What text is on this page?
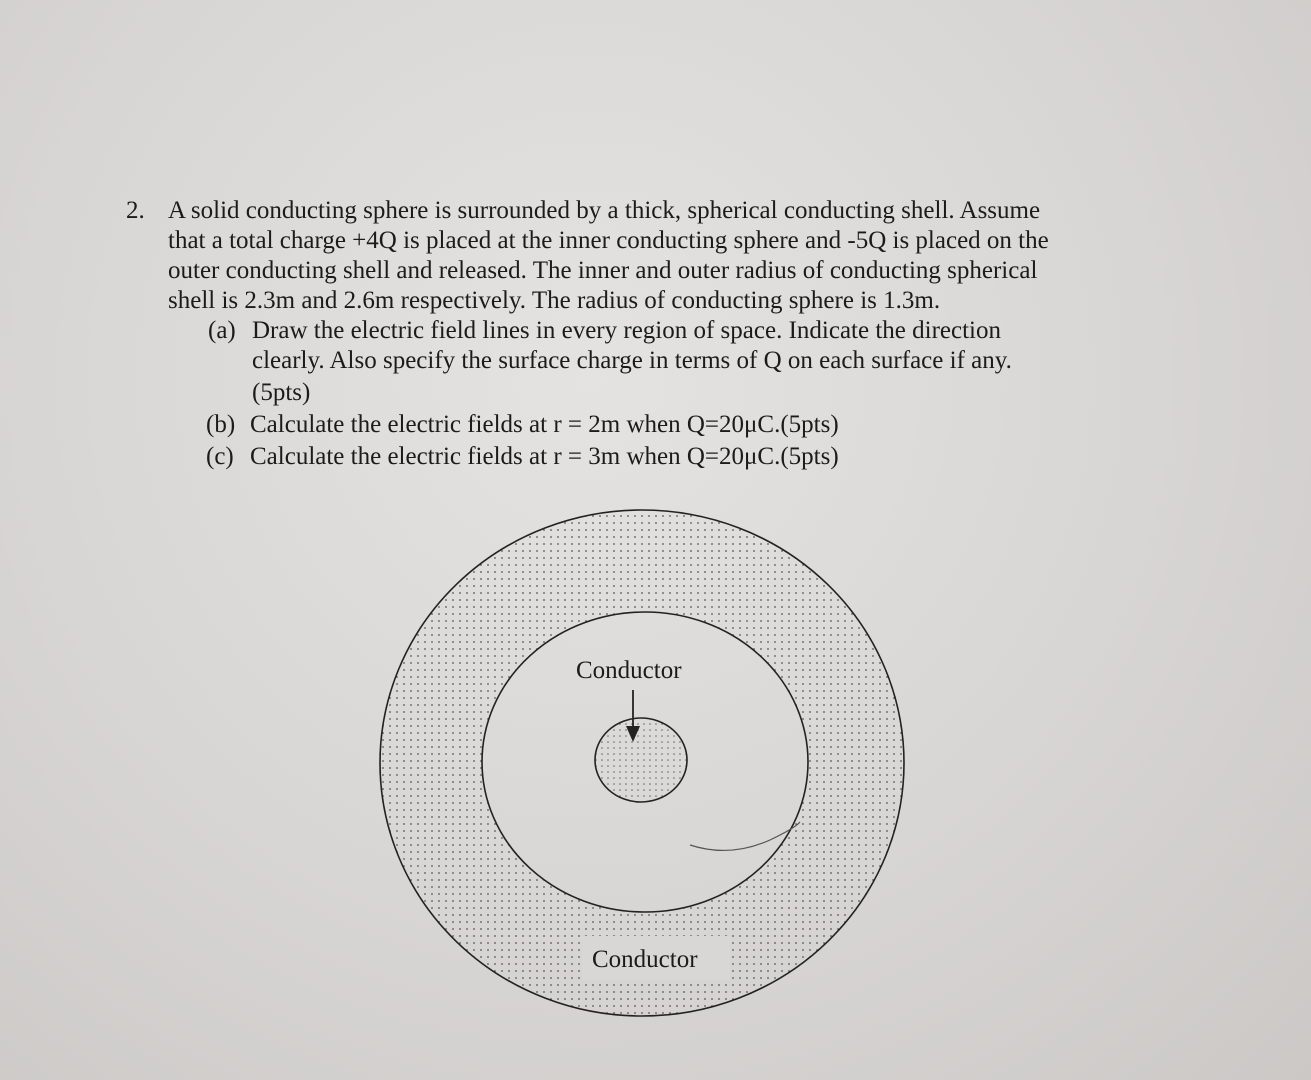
2. A solid conducting sphere is surrounded by a thick, spherical conducting shell. Assume
that a total charge +4Q is placed at the inner conducting sphere and -5Q is placed on the
outer conducting shell and released. The inner and outer radius of conducting spherical
shell is 2.3m and 2.6m respectively. The radius of conducting sphere is 1.3m.
(a) Draw the electric field lines in every region of space. Indicate the direction
clearly. Also specify the surface charge in terms of Q on each surface if any.
(5pts)
(b) Calculate the electric fields at r = 2m when Q=20μC.(5pts)
(c) Calculate the electric fields at r = 3m when Q=20μC.(5pts)
Conductor
Conductor
